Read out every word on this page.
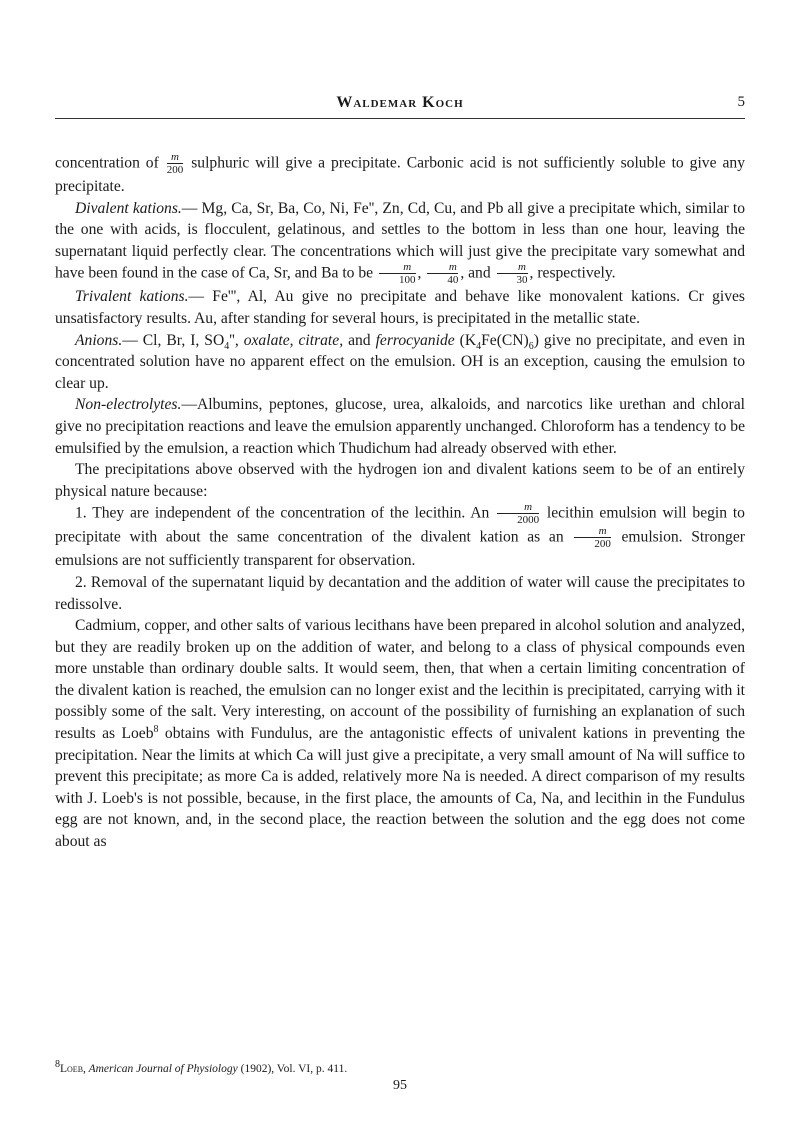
Waldemar Koch	5

concentration of $\frac{m}{200}$ sulphuric will give a precipitate. Carbonic acid is not sufficiently soluble to give any precipitate.

Divalent kations.— Mg, Ca, Sr, Ba, Co, Ni, Fe'', Zn, Cd, Cu, and Pb all give a precipitate which, similar to the one with acids, is flocculent, gelatinous, and settles to the bottom in less than one hour, leaving the supernatant liquid perfectly clear. The concentrations which will just give the precipitate vary somewhat and have been found in the case of Ca, Sr, and Ba to be $\frac{m}{100}$ , $\frac{m}{40}$ , and $\frac{m}{30}$ , respectively.

Trivalent kations.— Fe''', Al, Au give no precipitate and behave like monovalent kations. Cr gives unsatisfactory results. Au, after standing for several hours, is precipitated in the metallic state.

Anions.— Cl, Br, I, $SO_4''$, oxalate, citrate, and ferrocyanide $(K_4Fe(CN)_6)$ give no precipitate, and even in concentrated solution have no apparent effect on the emulsion. OH is an exception, causing the emulsion to clear up.

Non-electrolytes.—Albumins, peptones, glucose, urea, alkaloids, and narcotics like urethan and chloral give no precipitation reactions and leave the emulsion apparently unchanged. Chloroform has a tendency to be emulsified by the emulsion, a reaction which Thudichum had already observed with ether.

The precipitations above observed with the hydrogen ion and divalent kations seem to be of an entirely physical nature because:

1. They are independent of the concentration of the lecithin. An $\frac{m}{2000}$ lecithin emulsion will begin to precipitate with about the same concentration of the divalent kation as an $\frac{m}{200}$ emulsion. Stronger emulsions are not sufficiently transparent for observation.

2. Removal of the supernatant liquid by decantation and the addition of water will cause the precipitates to redissolve.

Cadmium, copper, and other salts of various lecithans have been prepared in alcohol solution and analyzed, but they are readily broken up on the addition of water, and belong to a class of physical compounds even more unstable than ordinary double salts. It would seem, then, that when a certain limiting concentration of the divalent kation is reached, the emulsion can no longer exist and the lecithin is precipitated, carrying with it possibly some of the salt. Very interesting, on account of the possibility of furnishing an explanation of such results as Loeb$^8$ obtains with Fundulus, are the antagonistic effects of univalent kations in preventing the precipitation. Near the limits at which Ca will just give a precipitate, a very small amount of Na will suffice to prevent this precipitate; as more Ca is added, relatively more Na is needed. A direct comparison of my results with J. Loeb's is not possible, because, in the first place, the amounts of Ca, Na, and lecithin in the Fundulus egg are not known, and, in the second place, the reaction between the solution and the egg does not come about as

$^8$Loeb, American Journal of Physiology (1902), Vol. VI, p. 411.
95
